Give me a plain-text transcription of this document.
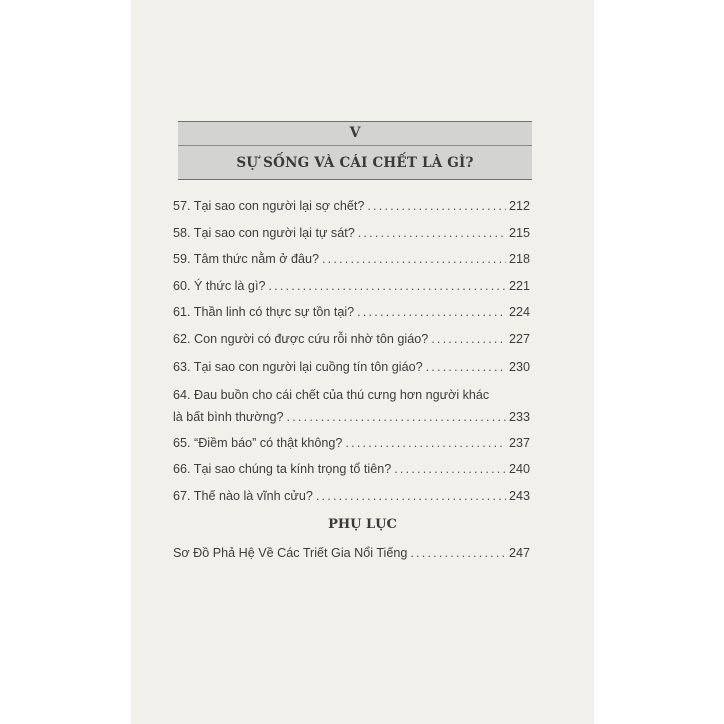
V
SỰ SỐNG VÀ CÁI CHẾT LÀ GÌ?
57. Tại sao con người lại sợ chết? .....	212
58. Tại sao con người lại tự sát? .....	215
59. Tâm thức nằm ở đâu? .....	218
60. Ý thức là gì? .....	221
61. Thần linh có thực sự tồn tại? .....	224
62. Con người có được cứu rỗi nhờ tôn giáo? .....	227
63. Tại sao con người lại cuồng tín tôn giáo? .....	230
64. Đau buồn cho cái chết của thú cưng hơn người khác
là bất bình thường? .....	233
65. “Điềm báo” có thật không? .....	237
66. Tại sao chúng ta kính trọng tổ tiên? .....	240
67. Thế nào là vĩnh cửu? .....	243
PHỤ LỤC
Sơ Đồ Phả Hệ Về Các Triết Gia Nổi Tiếng .....	247
